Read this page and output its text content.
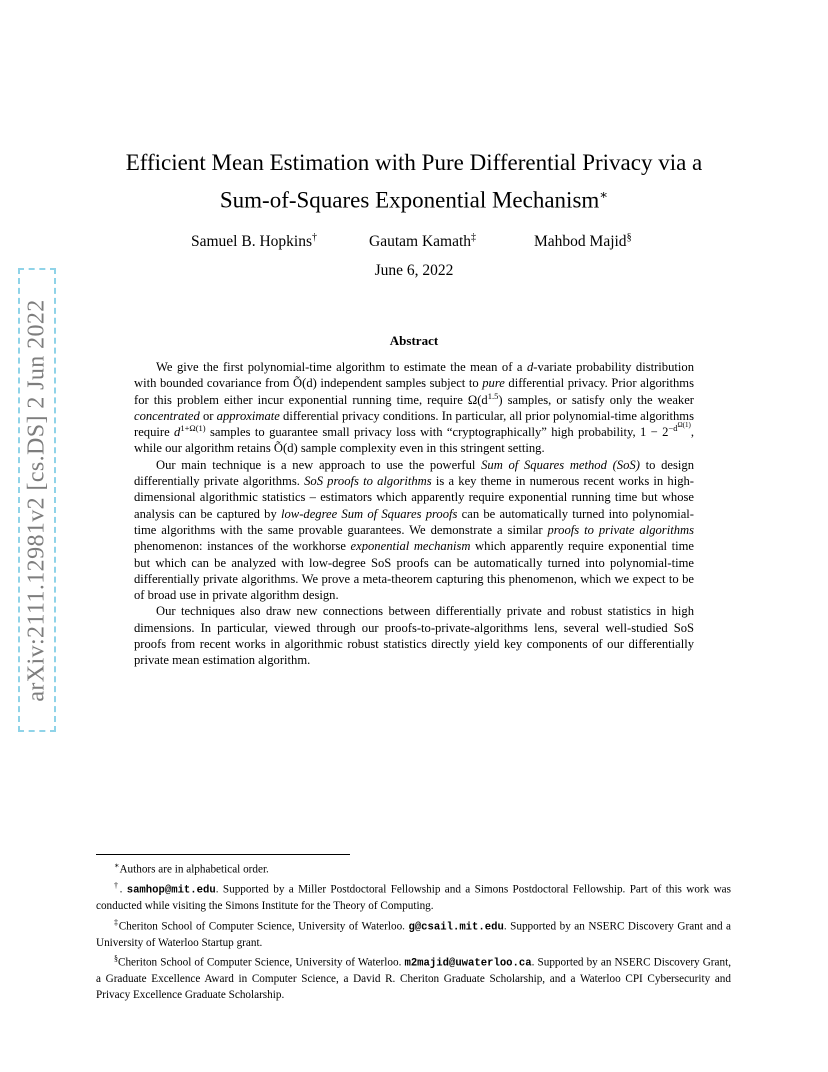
arXiv:2111.12981v2 [cs.DS] 2 Jun 2022
Efficient Mean Estimation with Pure Differential Privacy via a
Sum-of-Squares Exponential Mechanism∗
Samuel B. Hopkins†	Gautam Kamath‡	Mahbod Majid§
June 6, 2022
Abstract

We give the first polynomial-time algorithm to estimate the mean of a d-variate probability distribution with bounded covariance from Õ(d) independent samples subject to pure differential privacy. Prior algorithms for this problem either incur exponential running time, require $\Omega(d^{1.5})$ samples, or satisfy only the weaker concentrated or approximate differential privacy conditions. In particular, all prior polynomial-time algorithms require $d^{1+\Omega(1)}$ samples to guarantee small privacy loss with “cryptographically” high probability, $1 - 2^{-d^{\Omega(1)}}$, while our algorithm retains Õ(d) sample complexity even in this stringent setting.

Our main technique is a new approach to use the powerful Sum of Squares method (SoS) to design differentially private algorithms. SoS proofs to algorithms is a key theme in numerous recent works in high-dimensional algorithmic statistics – estimators which apparently require exponential running time but whose analysis can be captured by low-degree Sum of Squares proofs can be automatically turned into polynomial-time algorithms with the same provable guarantees. We demonstrate a similar proofs to private algorithms phenomenon: instances of the workhorse exponential mechanism which apparently require exponential time but which can be analyzed with low-degree SoS proofs can be automatically turned into polynomial-time differentially private algorithms. We prove a meta-theorem capturing this phenomenon, which we expect to be of broad use in private algorithm design.

Our techniques also draw new connections between differentially private and robust statistics in high dimensions. In particular, viewed through our proofs-to-private-algorithms lens, several well-studied SoS proofs from recent works in algorithmic robust statistics directly yield key components of our differentially private mean estimation algorithm.

∗Authors are in alphabetical order.

†. samhop@mit.edu. Supported by a Miller Postdoctoral Fellowship and a Simons Postdoctoral Fellowship. Part of this work was conducted while visiting the Simons Institute for the Theory of Computing.

‡Cheriton School of Computer Science, University of Waterloo. g@csail.mit.edu. Supported by an NSERC Discovery Grant and a University of Waterloo Startup grant.

§Cheriton School of Computer Science, University of Waterloo. m2majid@uwaterloo.ca. Supported by an NSERC Discovery Grant, a Graduate Excellence Award in Computer Science, a David R. Cheriton Graduate Scholarship, and a Waterloo CPI Cybersecurity and Privacy Excellence Graduate Scholarship.
